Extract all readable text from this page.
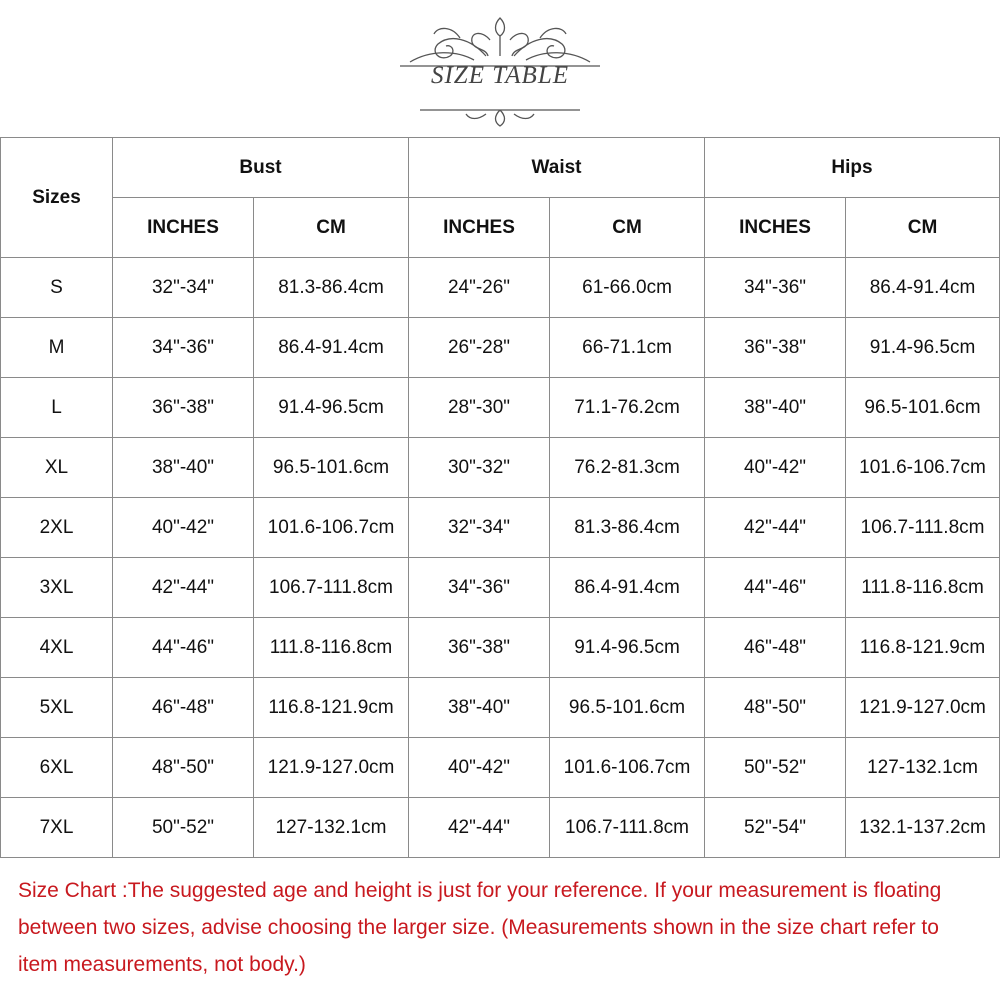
SIZE TABLE
Sizes	Bust		Waist		Hips	
	INCHES	CM	INCHES	CM	INCHES	CM
S	32"-34"	81.3-86.4cm	24"-26"	61-66.0cm	34"-36"	86.4-91.4cm
M	34"-36"	86.4-91.4cm	26"-28"	66-71.1cm	36"-38"	91.4-96.5cm
L	36"-38"	91.4-96.5cm	28"-30"	71.1-76.2cm	38"-40"	96.5-101.6cm
XL	38"-40"	96.5-101.6cm	30"-32"	76.2-81.3cm	40"-42"	101.6-106.7cm
2XL	40"-42"	101.6-106.7cm	32"-34"	81.3-86.4cm	42"-44"	106.7-111.8cm
3XL	42"-44"	106.7-111.8cm	34"-36"	86.4-91.4cm	44"-46"	111.8-116.8cm
4XL	44"-46"	111.8-116.8cm	36"-38"	91.4-96.5cm	46"-48"	116.8-121.9cm
5XL	46"-48"	116.8-121.9cm	38"-40"	96.5-101.6cm	48"-50"	121.9-127.0cm
6XL	48"-50"	121.9-127.0cm	40"-42"	101.6-106.7cm	50"-52"	127-132.1cm
7XL	50"-52"	127-132.1cm	42"-44"	106.7-111.8cm	52"-54"	132.1-137.2cm
Size Chart :The suggested age and height is just for your reference. If your measurement is floating between two sizes, advise choosing the larger size. (Measurements shown in the size chart refer to item measurements, not body.)
